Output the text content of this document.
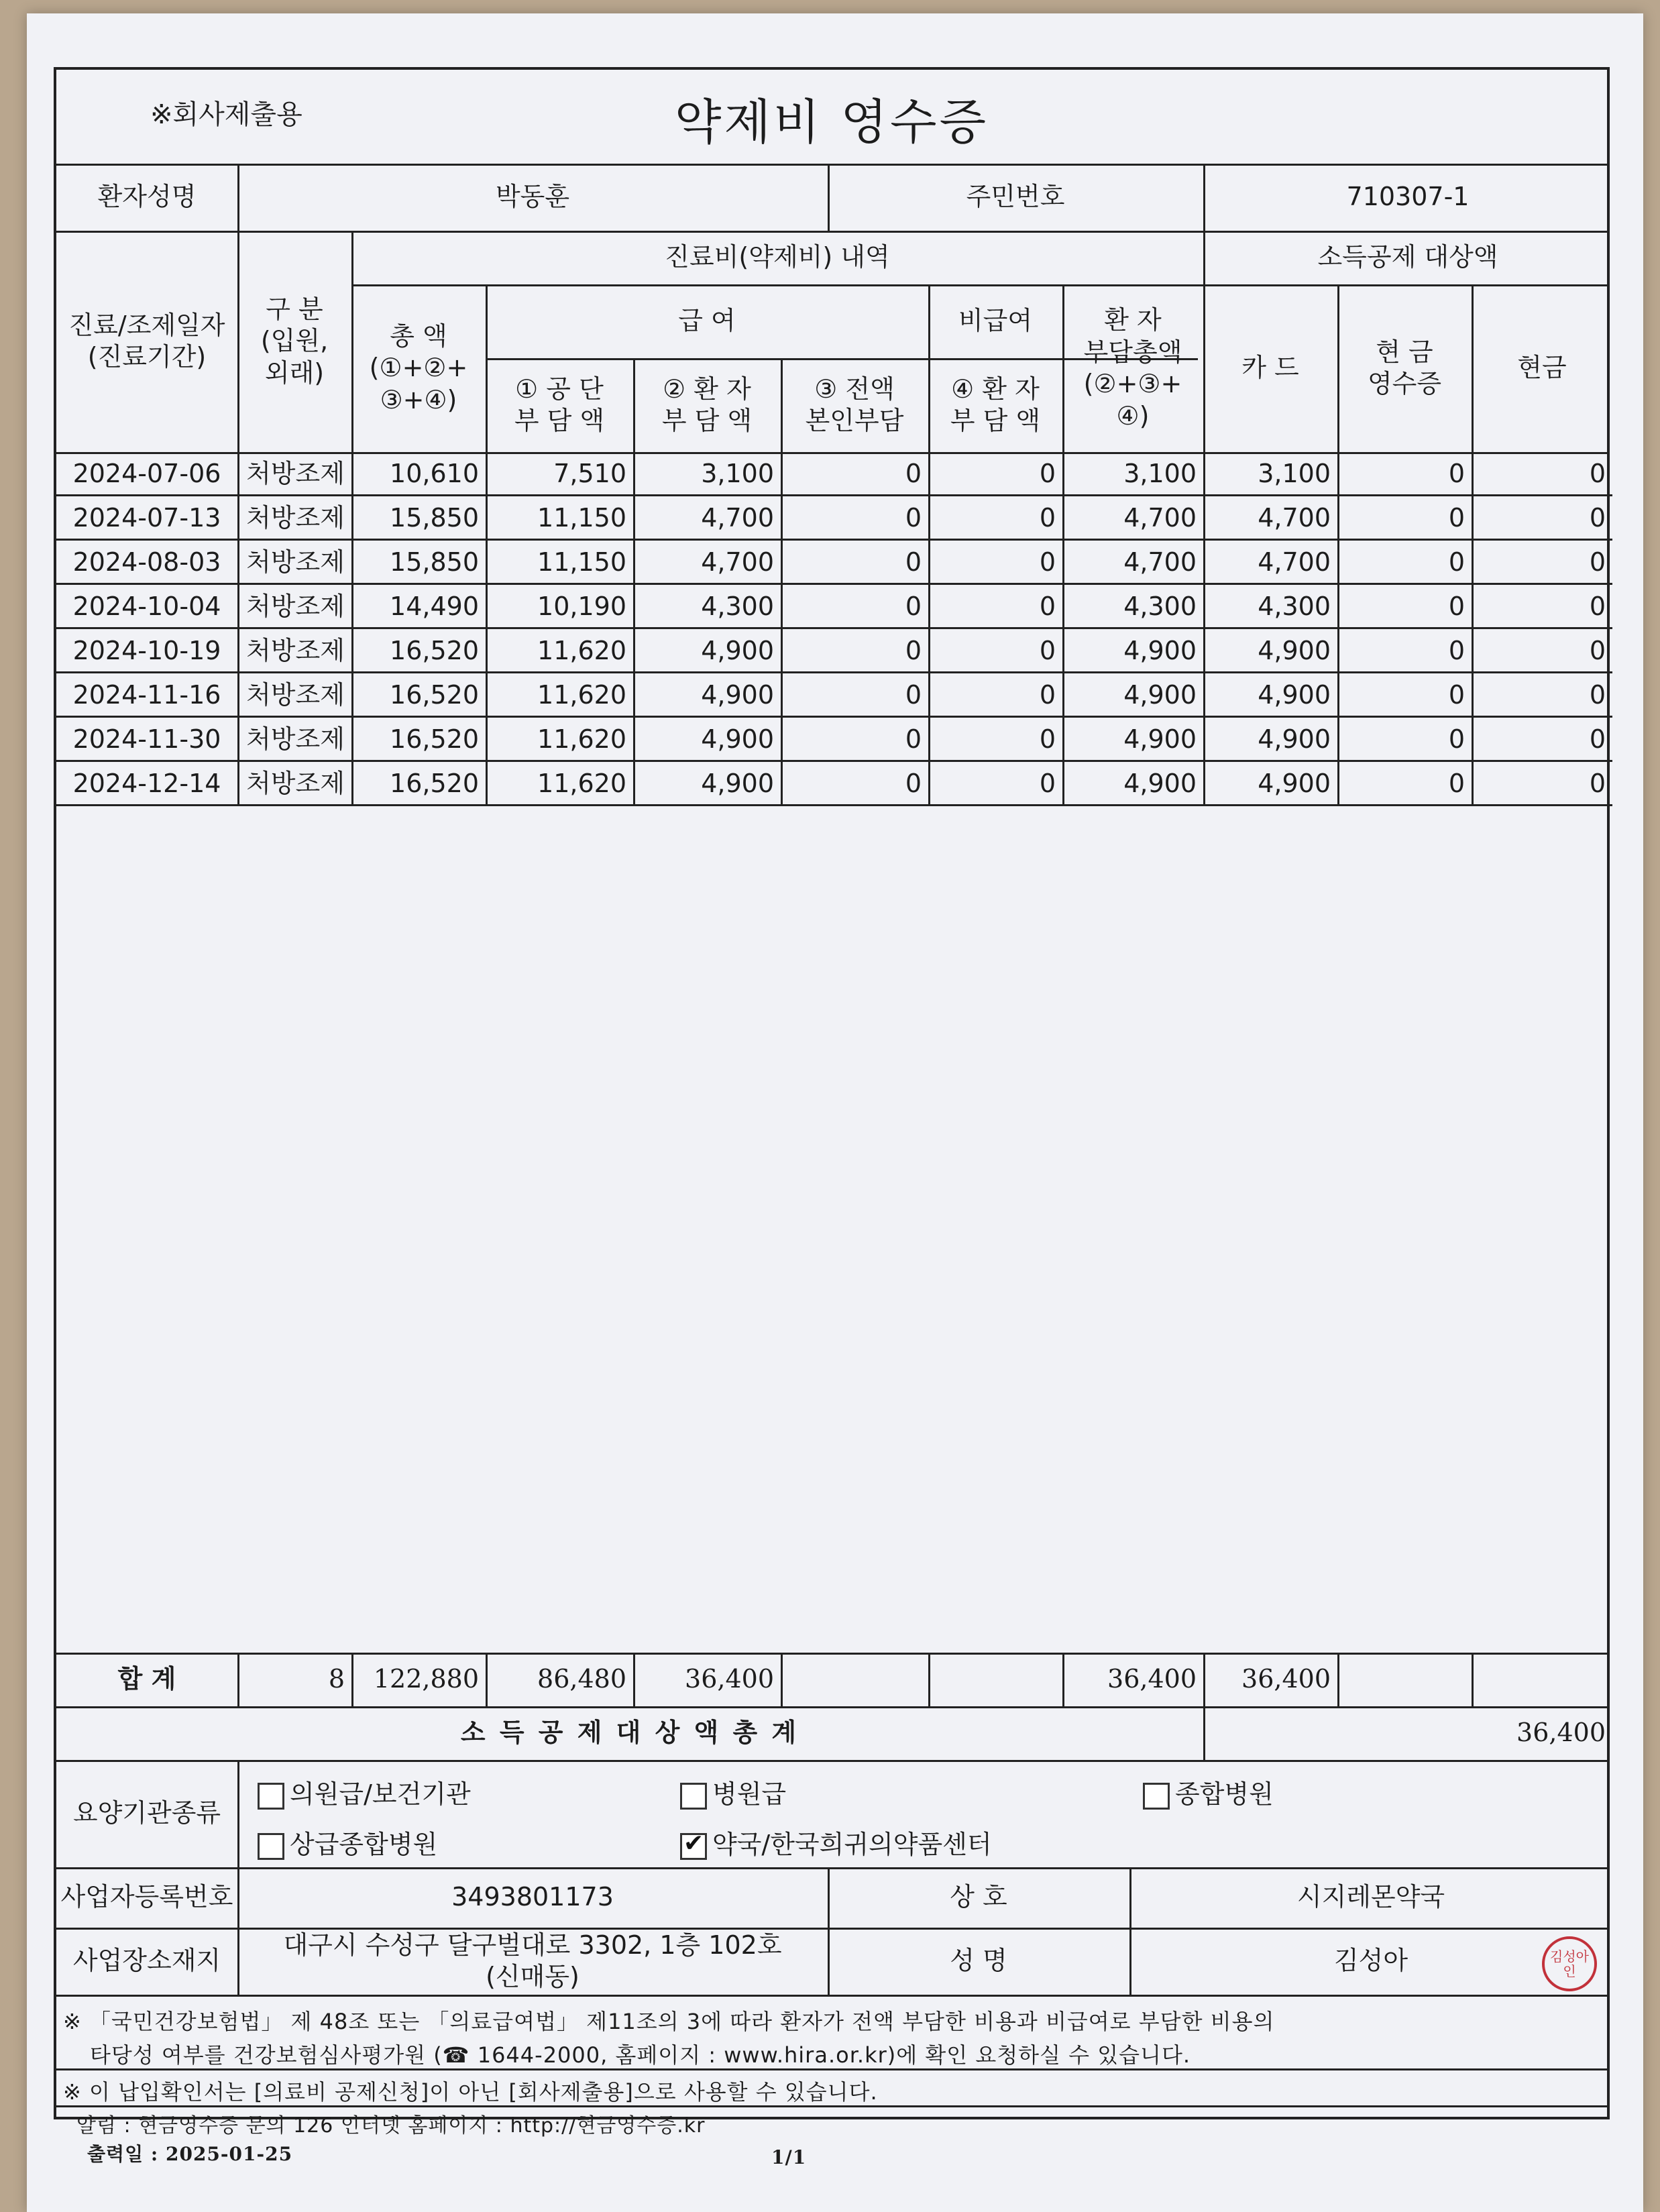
※회사제출용	약제비 영수증
환자성명	박동훈	주민번호	710307-1
진료/조제일자
(진료기간)
구 분
(입원,
외래)
진료비(약제비) 내역	소득공제 대상액
총 액
(①+②+
③+④)
급 여	비급여	환 자
부담총액
(②+③+
④)
① 공 단
부 담 액
② 환 자
부 담 액
③ 전액
본인부담
④ 환 자
부 담 액
카 드
현 금
영수증
현금
2024-07-06 처방조제	10,610	7,510	3,100	0	0	3,100	3,100	0	0
2024-07-13 처방조제	15,850	11,150	4,700	0	0	4,700	4,700	0	0
2024-08-03 처방조제	15,850	11,150	4,700	0	0	4,700	4,700	0	0
2024-10-04 처방조제	14,490	10,190	4,300	0	0	4,300	4,300	0	0
2024-10-19 처방조제	16,520	11,620	4,900	0	0	4,900	4,900	0	0
2024-11-16 처방조제	16,520	11,620	4,900	0	0	4,900	4,900	0	0
2024-11-30 처방조제	16,520	11,620	4,900	0	0	4,900	4,900	0	0
2024-12-14 처방조제	16,520	11,620	4,900	0	0	4,900	4,900	0	0
합 계	8	122,880	86,480	36,400	36,400	36,400
소 득 공 제 대 상 액 총 계	36,400
요양기관종류
의원급/보건기관	병원급	종합병원
상급종합병원
✔	약국/한국희귀의약품센터
사업자등록번호	3493801173	상 호	시지레몬약국
사업장소재지
대구시 수성구 달구벌대로 3302, 1층 102호
(신매동)
성 명	김성아	김성아인
※ 「국민건강보험법」 제 48조 또는 「의료급여법」 제11조의 3에 따라 환자가 전액 부담한 비용과 비급여로 부담한 비용의
타당성 여부를 건강보험심사평가원 (☎ 1644-2000, 홈페이지 : www.hira.or.kr)에 확인 요청하실 수 있습니다.
※ 이 납입확인서는 [의료비 공제신청]이 아닌 [회사제출용]으로 사용할 수 있습니다.
알림 : 현금영수증 문의 126 인터넷 홈페이지 : http://현금영수증.kr
출력일 : 2025-01-25	1/1
